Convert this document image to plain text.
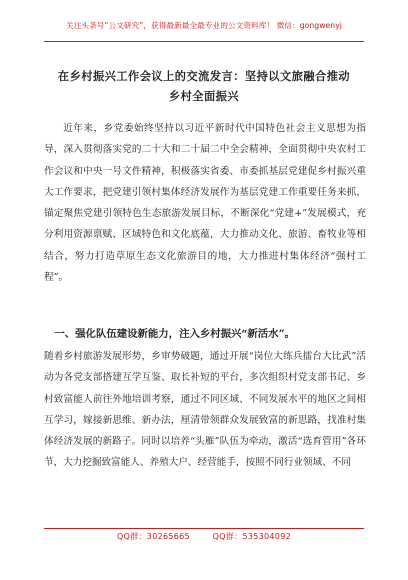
关注头条号“公文研究”，获得最新最全最专业的公文资料库！ 微信：gongwenyj
在乡村振兴工作会议上的交流发言：坚持以文旅融合推动
乡村全面振兴

近年来，乡党委始终坚持以习近平新时代中国特色社会主义思想为指导，深入贯彻落实党的二十大和二十届二中全会精神，全面贯彻中央农村工作会议和中央一号文件精神，积极落实省委、市委抓基层党建促乡村振兴重大工作要求，把党建引领村集体经济发展作为基层党建工作重要任务来抓，锚定聚焦党建引领特色生态旅游发展目标，不断深化“党建+”发展模式，充分利用资源禀赋、区域特色和文化底蕴，大力推动文化、旅游、畜牧业等相结合，努力打造草原生态文化旅游目的地，大力推进村集体经济“强村工程”。

一、强化队伍建设新能力，注入乡村振兴“新活水”。

随着乡村旅游发展形势，乡审势破题，通过开展“岗位大练兵擂台大比武”活动为各党支部搭建互学互鉴、取长补短的平台，多次组织村党支部书记、乡村致富能人前往外地培训考察，通过不同区域、不同发展水平的地区之间相互学习，嫁接新思维、新办法，厘清带领群众发展致富的新思路，找准村集体经济发展的新路子。同时以培养“头雁”队伍为牵动，激活“选育管用”各环节，大力挖掘致富能人、养殖大户、经营能手，按照不同行业领域、不同

QQ群：30265665        QQ群：535304092
